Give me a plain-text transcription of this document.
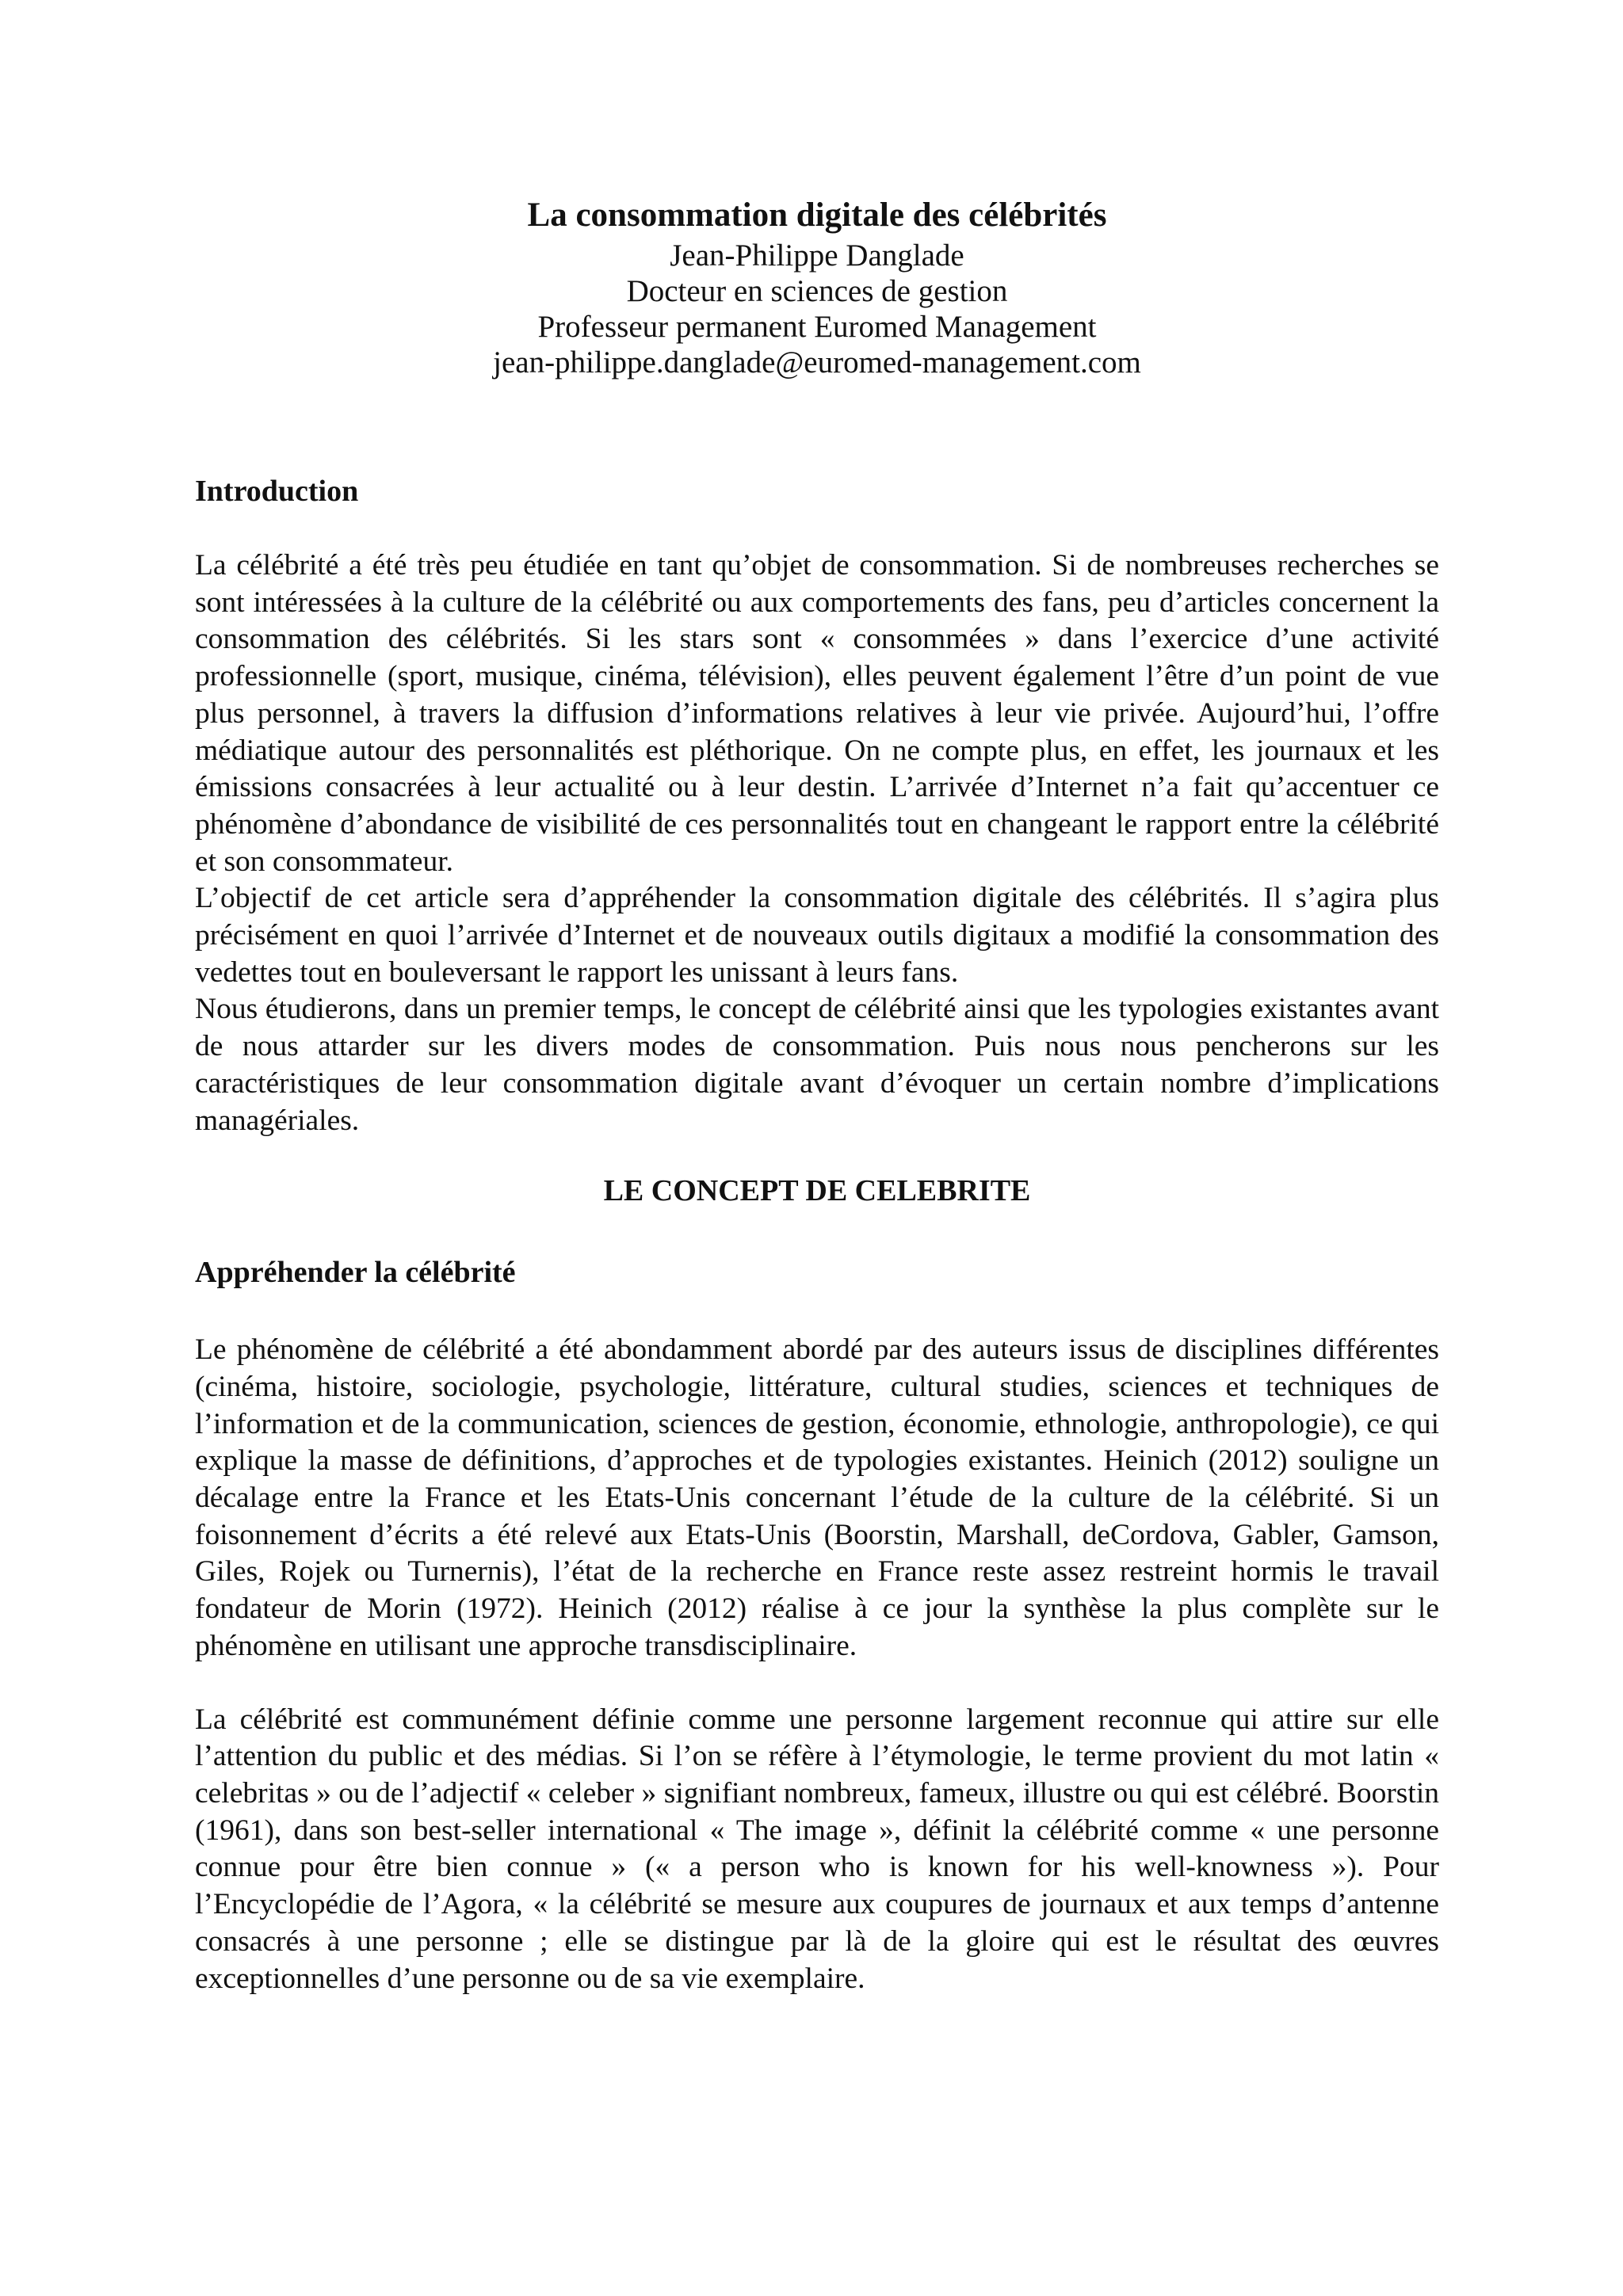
La consommation digitale des célébrités
Jean-Philippe Danglade
Docteur en sciences de gestion
Professeur permanent Euromed Management
jean-philippe.danglade@euromed-management.com
Introduction

La célébrité a été très peu étudiée en tant qu’objet de consommation. Si de nombreuses recherches se sont intéressées à la culture de la célébrité ou aux comportements des fans, peu d’articles concernent la consommation des célébrités. Si les stars sont « consommées » dans l’exercice d’une activité professionnelle (sport, musique, cinéma, télévision), elles peuvent également l’être d’un point de vue plus personnel, à travers la diffusion d’informations relatives à leur vie privée. Aujourd’hui, l’offre médiatique autour des personnalités est pléthorique. On ne compte plus, en effet, les journaux et les émissions consacrées à leur actualité ou à leur destin. L’arrivée d’Internet n’a fait qu’accentuer ce phénomène d’abondance de visibilité de ces personnalités tout en changeant le rapport entre la célébrité et son consommateur.

L’objectif de cet article sera d’appréhender la consommation digitale des célébrités. Il s’agira plus précisément en quoi l’arrivée d’Internet et de nouveaux outils digitaux a modifié la consommation des vedettes tout en bouleversant le rapport les unissant à leurs fans.

Nous étudierons, dans un premier temps, le concept de célébrité ainsi que les typologies existantes avant de nous attarder sur les divers modes de consommation. Puis nous nous pencherons sur les caractéristiques de leur consommation digitale avant d’évoquer un certain nombre d’implications managériales.

LE CONCEPT DE CELEBRITE
Appréhender la célébrité

Le phénomène de célébrité a été abondamment abordé par des auteurs issus de disciplines différentes (cinéma, histoire, sociologie, psychologie, littérature, cultural studies, sciences et techniques de l’information et de la communication, sciences de gestion, économie, ethnologie, anthropologie), ce qui explique la masse de définitions, d’approches et de typologies existantes. Heinich (2012) souligne un décalage entre la France et les Etats-Unis concernant l’étude de la culture de la célébrité. Si un foisonnement d’écrits a été relevé aux Etats-Unis (Boorstin, Marshall, deCordova, Gabler, Gamson, Giles, Rojek ou Turnernis), l’état de la recherche en France reste assez restreint hormis le travail fondateur de Morin (1972). Heinich (2012) réalise à ce jour la synthèse la plus complète sur le phénomène en utilisant une approche transdisciplinaire.

La célébrité est communément définie comme une personne largement reconnue qui attire sur elle l’attention du public et des médias. Si l’on se réfère à l’étymologie, le terme provient du mot latin « celebritas » ou de l’adjectif « celeber » signifiant nombreux, fameux, illustre ou qui est célébré. Boorstin (1961), dans son best-seller international « The image », définit la célébrité comme « une personne connue pour être bien connue » (« a person who is known for his well-knowness »). Pour l’Encyclopédie de l’Agora, « la célébrité se mesure aux coupures de journaux et aux temps d’antenne consacrés à une personne ; elle se distingue par là de la gloire qui est le résultat des œuvres exceptionnelles d’une personne ou de sa vie exemplaire.
